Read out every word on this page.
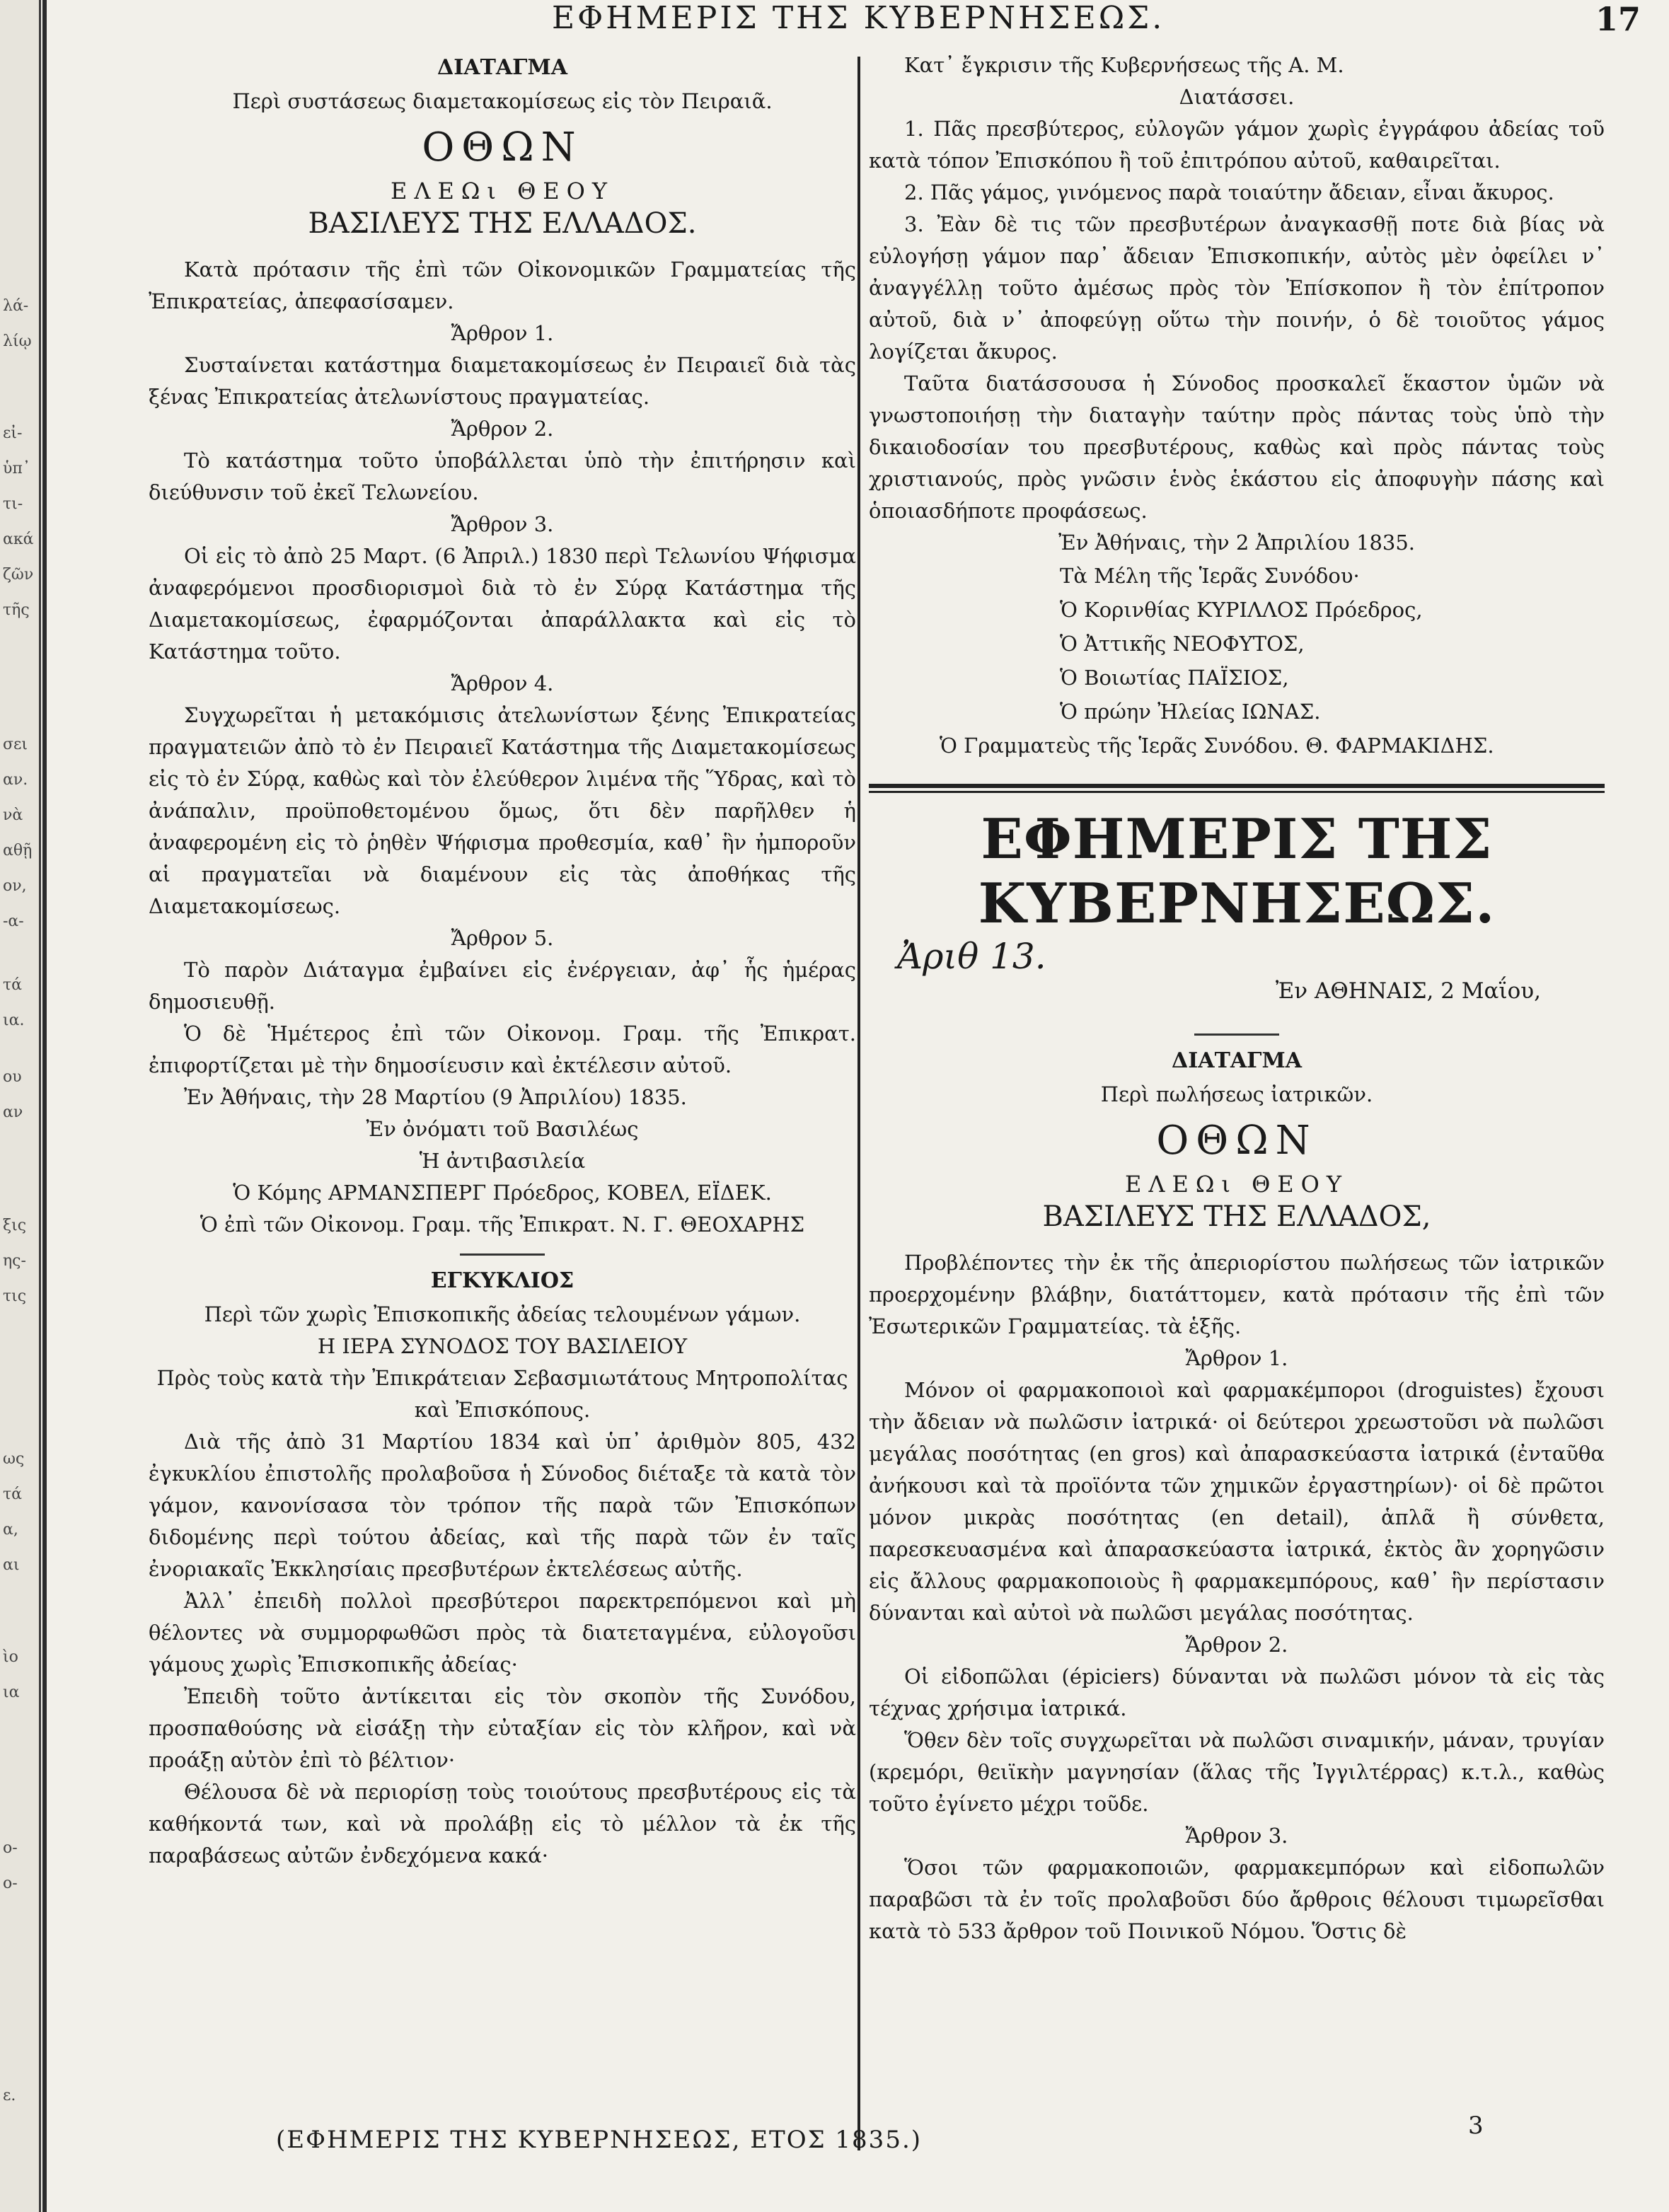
λά-
λίῳ
εἰ-
ὑπ᾽
τι-
ακά
ζῶν
τῆς
σει
αν.
νὰ
αθῇ
ον,
-α-
τά
ια.
ου
αν
ξις
ης-
τις
ως
τά
α,
αι
ὶο
ια
ο-
ο-
ε.
ΕΦΗΜΕΡΙΣ ΤΗΣ ΚΥΒΕΡΝΗΣΕΩΣ.	17

ΔΙΑΤΑΓΜΑ

Περὶ συστάσεως διαμετακομίσεως εἰς τὸν Πειραιᾶ.

ΟΘΩΝ

ΕΛΕΩι ΘΕΟΥ

ΒΑΣΙΛΕΥΣ ΤΗΣ ΕΛΛΑΔΟΣ.

Κατὰ πρότασιν τῆς ἐπὶ τῶν Οἰκονομικῶν Γραμματείας τῆς Ἐπικρατείας, ἀπεφασίσαμεν.

Ἄρθρον 1.

Συσταίνεται κατάστημα διαμετακομίσεως ἐν Πειραιεῖ διὰ τὰς ξένας Ἐπικρατείας ἀτελωνίστους πραγματείας.

Ἄρθρον 2.

Τὸ κατάστημα τοῦτο ὑποβάλλεται ὑπὸ τὴν ἐπιτήρησιν καὶ διεύθυνσιν τοῦ ἐκεῖ Τελωνείου.

Ἄρθρον 3.

Οἱ εἰς τὸ ἀπὸ 25 Μαρτ. (6 Ἀπριλ.) 1830 περὶ Τελωνίου Ψήφισμα ἀναφερόμενοι προσδιορισμοὶ διὰ τὸ ἐν Σύρᾳ Κατάστημα τῆς Διαμετακομίσεως, ἐφαρμόζονται ἀπαράλλακτα καὶ εἰς τὸ Κατάστημα τοῦτο.

Ἄρθρον 4.

Συγχωρεῖται ἡ μετακόμισις ἀτελωνίστων ξένης Ἐπικρατείας πραγματειῶν ἀπὸ τὸ ἐν Πειραιεῖ Κατάστημα τῆς Διαμετακομίσεως εἰς τὸ ἐν Σύρᾳ, καθὼς καὶ τὸν ἐλεύθερον λιμένα τῆς Ὕδρας, καὶ τὸ ἀνάπαλιν, προϋποθετομένου ὅμως, ὅτι δὲν παρῆλθεν ἡ ἀναφερομένη εἰς τὸ ῥηθὲν Ψήφισμα προθεσμία, καθ᾽ ἣν ἠμποροῦν αἱ πραγματεῖαι νὰ διαμένουν εἰς τὰς ἀποθήκας τῆς Διαμετακομίσεως.

Ἄρθρον 5.

Τὸ παρὸν Διάταγμα ἐμβαίνει εἰς ἐνέργειαν, ἀφ᾽ ἧς ἡμέρας δημοσιευθῇ.

Ὁ δὲ Ἡμέτερος ἐπὶ τῶν Οἰκονομ. Γραμ. τῆς Ἐπικρατ. ἐπιφορτίζεται μὲ τὴν δημοσίευσιν καὶ ἐκτέλεσιν αὐτοῦ.

Ἐν Ἀθήναις, τὴν 28 Μαρτίου (9 Ἀπριλίου) 1835.

Ἐν ὀνόματι τοῦ Βασιλέως

Ἡ ἀντιβασιλεία

Ὁ Κόμης ΑΡΜΑΝΣΠΕΡΓ Πρόεδρος, ΚΟΒΕΛ, ΕΪΔΕΚ.

Ὁ ἐπὶ τῶν Οἰκονομ. Γραμ. τῆς Ἐπικρατ. Ν. Γ. ΘΕΟΧΑΡΗΣ

ΕΓΚΥΚΛΙΟΣ

Περὶ τῶν χωρὶς Ἐπισκοπικῆς ἀδείας τελουμένων γάμων.

Η ΙΕΡΑ ΣΥΝΟΔΟΣ ΤΟΥ ΒΑΣΙΛΕΙΟΥ

Πρὸς τοὺς κατὰ τὴν Ἐπικράτειαν Σεβασμιωτάτους Μητροπολίτας καὶ Ἐπισκόπους.

Διὰ τῆς ἀπὸ 31 Μαρτίου 1834 καὶ ὑπ᾽ ἀριθμὸν 805, 432 ἐγκυκλίου ἐπιστολῆς προλαβοῦσα ἡ Σύνοδος διέταξε τὰ κατὰ τὸν γάμον, κανονίσασα τὸν τρόπον τῆς παρὰ τῶν Ἐπισκόπων διδομένης περὶ τούτου ἀδείας, καὶ τῆς παρὰ τῶν ἐν ταῖς ἐνοριακαῖς Ἐκκλησίαις πρεσβυτέρων ἐκτελέσεως αὐτῆς.

Ἀλλ᾽ ἐπειδὴ πολλοὶ πρεσβύτεροι παρεκτρεπόμενοι καὶ μὴ θέλοντες νὰ συμμορφωθῶσι πρὸς τὰ διατεταγμένα, εὐλογοῦσι γάμους χωρὶς Ἐπισκοπικῆς ἀδείας·

Ἐπειδὴ τοῦτο ἀντίκειται εἰς τὸν σκοπὸν τῆς Συνόδου, προσπαθούσης νὰ εἰσάξῃ τὴν εὐταξίαν εἰς τὸν κλῆρον, καὶ νὰ προάξῃ αὐτὸν ἐπὶ τὸ βέλτιον·

Θέλουσα δὲ νὰ περιορίσῃ τοὺς τοιούτους πρεσβυτέρους εἰς τὰ καθήκοντά των, καὶ νὰ προλάβῃ εἰς τὸ μέλλον τὰ ἐκ τῆς παραβάσεως αὐτῶν ἐνδεχόμενα κακά·

Κατ᾽ ἔγκρισιν τῆς Κυβερνήσεως τῆς Α. Μ.

Διατάσσει.

1. Πᾶς πρεσβύτερος, εὐλογῶν γάμον χωρὶς ἐγγράφου ἀδείας τοῦ κατὰ τόπον Ἐπισκόπου ἢ τοῦ ἐπιτρόπου αὐτοῦ, καθαιρεῖται.

2. Πᾶς γάμος, γινόμενος παρὰ τοιαύτην ἄδειαν, εἶναι ἄκυρος.

3. Ἐὰν δὲ τις τῶν πρεσβυτέρων ἀναγκασθῇ ποτε διὰ βίας νὰ εὐλογήσῃ γάμον παρ᾽ ἄδειαν Ἐπισκοπικήν, αὐτὸς μὲν ὀφείλει ν᾽ ἀναγγέλλῃ τοῦτο ἀμέσως πρὸς τὸν Ἐπίσκοπον ἢ τὸν ἐπίτροπον αὐτοῦ, διὰ ν᾽ ἀποφεύγῃ οὕτω τὴν ποινήν, ὁ δὲ τοιοῦτος γάμος λογίζεται ἄκυρος.

Ταῦτα διατάσσουσα ἡ Σύνοδος προσκαλεῖ ἕκαστον ὑμῶν νὰ γνωστοποιήσῃ τὴν διαταγὴν ταύτην πρὸς πάντας τοὺς ὑπὸ τὴν δικαιοδοσίαν του πρεσβυτέρους, καθὼς καὶ πρὸς πάντας τοὺς χριστιανούς, πρὸς γνῶσιν ἑνὸς ἑκάστου εἰς ἀποφυγὴν πάσης καὶ ὁποιασδήποτε προφάσεως.

Ἐν Ἀθήναις, τὴν 2 Ἀπριλίου 1835.

Τὰ Μέλη τῆς Ἱερᾶς Συνόδου·

Ὁ Κορινθίας ΚΥΡΙΛΛΟΣ Πρόεδρος,

Ὁ Ἀττικῆς ΝΕΟΦΥΤΟΣ,

Ὁ Βοιωτίας ΠΑΪΣΙΟΣ,

Ὁ πρώην Ἠλείας ΙΩΝΑΣ.

Ὁ Γραμματεὺς τῆς Ἱερᾶς Συνόδου. Θ. ΦΑΡΜΑΚΙΔΗΣ.

ΕΦΗΜΕΡΙΣ ΤΗΣ ΚΥΒΕΡΝΗΣΕΩΣ.

Ἀριθ 13.
Ἐν ΑΘΗΝΑΙΣ, 2 Μαΐου,

ΔΙΑΤΑΓΜΑ

Περὶ πωλήσεως ἰατρικῶν.

ΟΘΩΝ

ΕΛΕΩι ΘΕΟΥ

ΒΑΣΙΛΕΥΣ ΤΗΣ ΕΛΛΑΔΟΣ,

Προβλέποντες τὴν ἐκ τῆς ἀπεριορίστου πωλήσεως τῶν ἰατρικῶν προερχομένην βλάβην, διατάττομεν, κατὰ πρότασιν τῆς ἐπὶ τῶν Ἐσωτερικῶν Γραμματείας. τὰ ἑξῆς.

Ἄρθρον 1.

Μόνον οἱ φαρμακοποιοὶ καὶ φαρμακέμποροι (droguistes) ἔχουσι τὴν ἄδειαν νὰ πωλῶσιν ἰατρικά· οἱ δεύτεροι χρεωστοῦσι νὰ πωλῶσι μεγάλας ποσότητας (en gros) καὶ ἀπαρασκεύαστα ἰατρικά (ἐνταῦθα ἀνήκουσι καὶ τὰ προϊόντα τῶν χημικῶν ἐργαστηρίων)· οἱ δὲ πρῶτοι μόνον μικρὰς ποσότητας (en detail), ἁπλᾶ ἢ σύνθετα, παρεσκευασμένα καὶ ἀπαρασκεύαστα ἰατρικά, ἐκτὸς ἂν χορηγῶσιν εἰς ἄλλους φαρμακοποιοὺς ἢ φαρμακεμπόρους, καθ᾽ ἣν περίστασιν δύνανται καὶ αὐτοὶ νὰ πωλῶσι μεγάλας ποσότητας.

Ἄρθρον 2.

Οἱ εἰδοπῶλαι (épiciers) δύνανται νὰ πωλῶσι μόνον τὰ εἰς τὰς τέχνας χρήσιμα ἰατρικά.

Ὅθεν δὲν τοῖς συγχωρεῖται νὰ πωλῶσι σιναμικήν, μάναν, τρυγίαν (κρεμόρι, θειϊκὴν μαγνησίαν (ἅλας τῆς Ἰγγιλτέρρας) κ.τ.λ., καθὼς τοῦτο ἐγίνετο μέχρι τοῦδε.

Ἄρθρον 3.

Ὅσοι τῶν φαρμακοποιῶν, φαρμακεμπόρων καὶ εἰδοπωλῶν παραβῶσι τὰ ἐν τοῖς προλαβοῦσι δύο ἄρθροις θέλουσι τιμωρεῖσθαι κατὰ τὸ 533 ἄρθρον τοῦ Ποινικοῦ Νόμου. Ὅστις δὲ

(ΕΦΗΜΕΡΙΣ ΤΗΣ ΚΥΒΕΡΝΗΣΕΩΣ, ΕΤΟΣ 1835.)	3
